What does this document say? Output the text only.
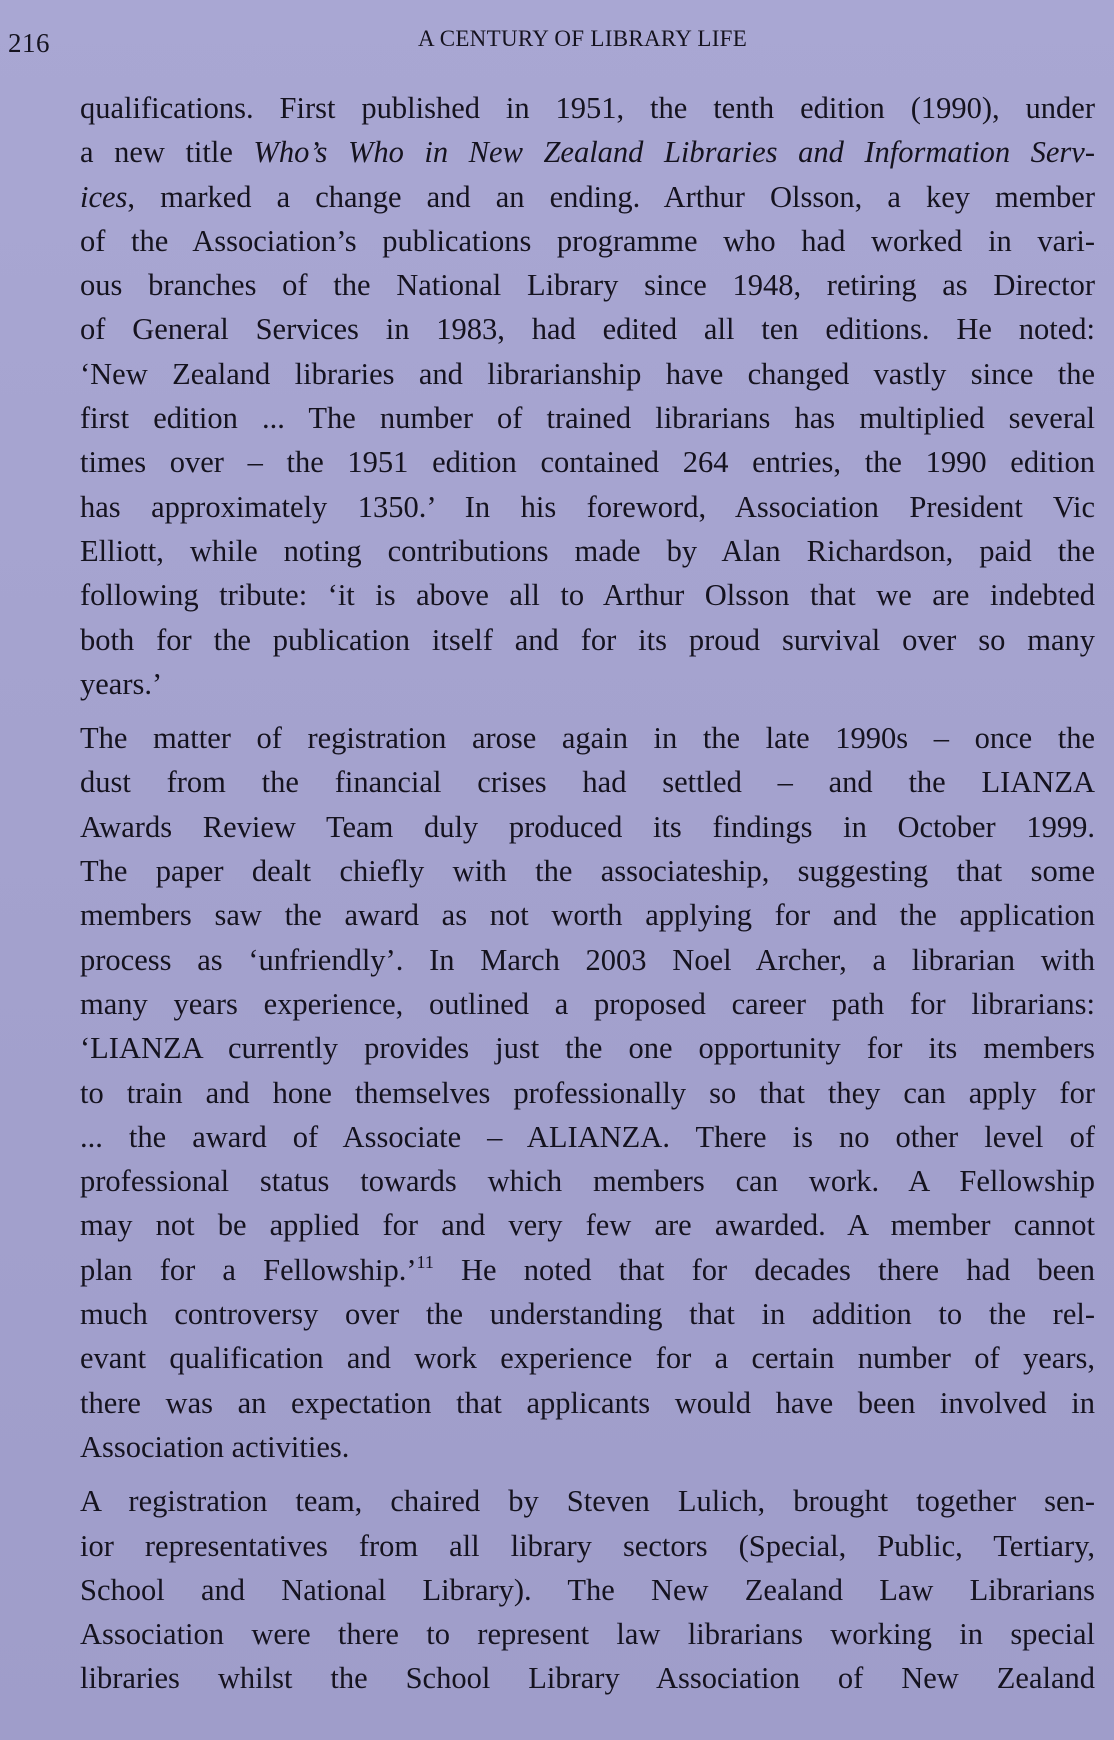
216	A CENTURY OF LIBRARY LIFE
qualifications. First published in 1951, the tenth edition (1990), under
a new title Who’s Who in New Zealand Libraries and Information Serv-
ices, marked a change and an ending. Arthur Olsson, a key member
of the Association’s publications programme who had worked in vari-
ous branches of the National Library since 1948, retiring as Director
of General Services in 1983, had edited all ten editions. He noted:
‘New Zealand libraries and librarianship have changed vastly since the
first edition ... The number of trained librarians has multiplied several
times over – the 1951 edition contained 264 entries, the 1990 edition
has approximately 1350.’ In his foreword, Association President Vic
Elliott, while noting contributions made by Alan Richardson, paid the
following tribute: ‘it is above all to Arthur Olsson that we are indebted
both for the publication itself and for its proud survival over so many
years.’
The matter of registration arose again in the late 1990s – once the
dust from the financial crises had settled – and the LIANZA
Awards Review Team duly produced its findings in October 1999.
The paper dealt chiefly with the associateship, suggesting that some
members saw the award as not worth applying for and the application
process as ‘unfriendly’. In March 2003 Noel Archer, a librarian with
many years experience, outlined a proposed career path for librarians:
‘LIANZA currently provides just the one opportunity for its members
to train and hone themselves professionally so that they can apply for
... the award of Associate – ALIANZA. There is no other level of
professional status towards which members can work. A Fellowship
may not be applied for and very few are awarded. A member cannot
plan for a Fellowship.’$^{11}$ He noted that for decades there had been
much controversy over the understanding that in addition to the rel-
evant qualification and work experience for a certain number of years,
there was an expectation that applicants would have been involved in
Association activities.
A registration team, chaired by Steven Lulich, brought together sen-
ior representatives from all library sectors (Special, Public, Tertiary,
School and National Library). The New Zealand Law Librarians
Association were there to represent law librarians working in special
libraries whilst the School Library Association of New Zealand
